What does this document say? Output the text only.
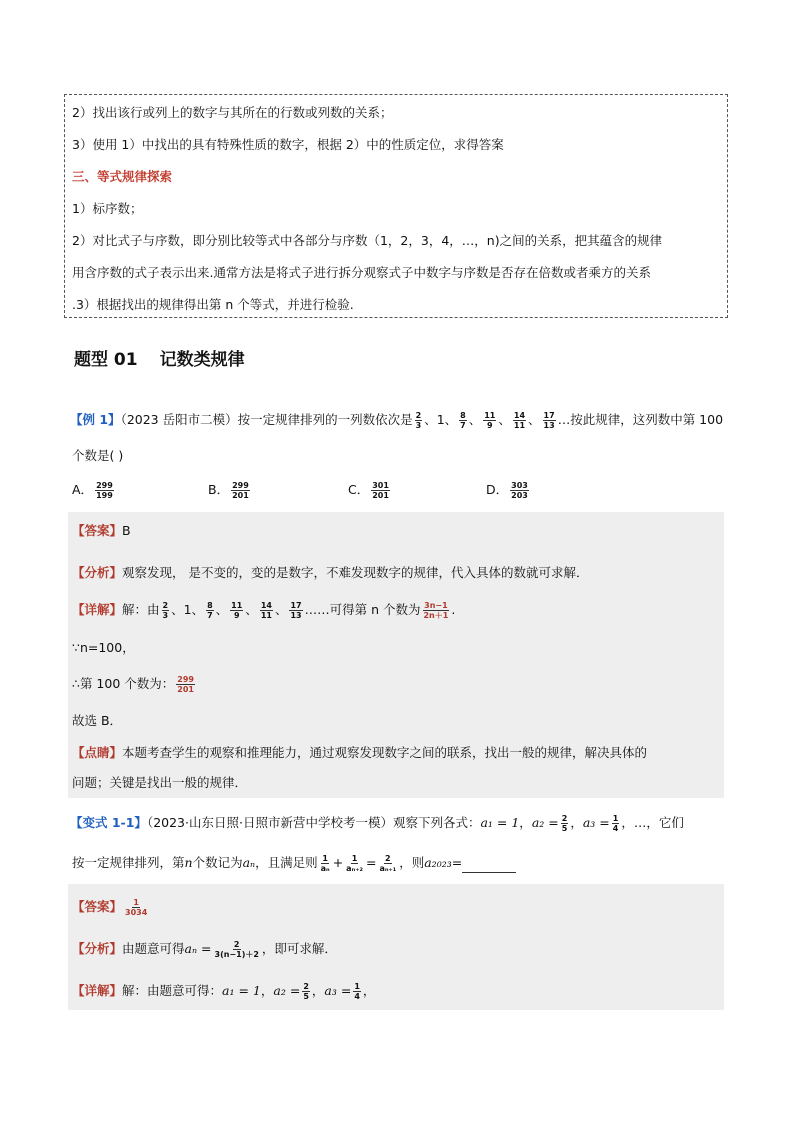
2）找出该行或列上的数字与其所在的行数或列数的关系；
3）使用 1）中找出的具有特殊性质的数字，根据 2）中的性质定位，求得答案
三、等式规律探索
1）标序数；
2）对比式子与序数，即分别比较等式中各部分与序数（1，2，3，4，…，n)之间的关系，把其蕴含的规律
用含序数的式子表示出来.通常方法是将式子进行拆分观察式子中数字与序数是否存在倍数或者乘方的关系
.3）根据找出的规律得出第 n 个等式，并进行检验.
题型 01 记数类规律
【例 1】（2023 岳阳市二模）按一定规律排列的一列数依次是 $\frac{2}{3}$ 、1、 $\frac{8}{7}$ 、 $\frac{11}{9}$ 、 $\frac{14}{11}$ 、 $\frac{17}{13}$ …按此规律，这列数中第 100
个数是( )
A． $\frac{299}{199}$	B． $\frac{299}{201}$	C． $\frac{301}{201}$	D． $\frac{303}{203}$
【答案】B
【分析】观察发现， 是不变的，变的是数字，不难发现数字的规律，代入具体的数就可求解．
【详解】解：由 $\frac{2}{3}$ 、1、 $\frac{8}{7}$ 、 $\frac{11}{9}$ 、 $\frac{14}{11}$ 、 $\frac{17}{13}$ ……可得第 n 个数为 $\frac{3n-1}{2n+1}$ .
∵n=100，
∴第 100 个数为： $\frac{299}{201}$
故选 B．
【点睛】本题考查学生的观察和推理能力，通过观察发现数字之间的联系，找出一般的规律，解决具体的
问题；关键是找出一般的规律．
【变式 1-1】（2023·山东日照·日照市新营中学校考一模）观察下列各式：a₁ = 1，$a_2 = \frac{2}{5}$ ，$a_3 = \frac{1}{4}$ ，…，它们
按一定规律排列，第n个数记为aₙ，且满足则 $\frac{1}{\text{aₙ}} + \frac{1}{\text{aₙ₊₂}} = \frac{2}{\text{aₙ₊₁}}$ ，则a₂₀₂₃=
【答案】 $\frac{1}{3034}$
【分析】由题意可得$a_n = \frac{2}{3(n-1)+2}$ ，即可求解．
【详解】解：由题意可得：a₁ = 1，$a_2 = \frac{2}{5}$ ，$a_3 = \frac{1}{4}$ ，
